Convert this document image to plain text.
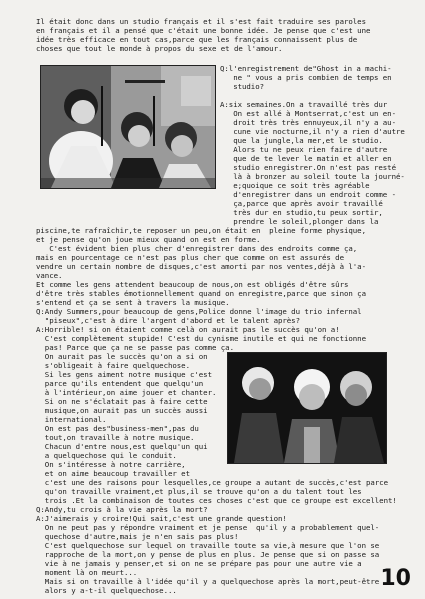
Il était donc dans un studio français et il s'est fait traduire ses paroles
en français et il a pensé que c'était une bonne idée. Je pense que c'est une
idée très efficace en tout cas,parce que les français connaissent plus de
choses que tout le monde à propos du sexe et de l'amour.
Q:l'enregistrement de"Ghost in a machi-
ne " vous a pris combien de temps en
studio?
A:six semaines.On a travaillé très dur
On est allé à Montserrat,c'est un en-
droit très très ennuyeux,il n'y a au-
cune vie nocturne,il n'y a rien d'autre
que la jungle,la mer,et le studio.
Alors tu ne peux rien faire d'autre
que de te lever le matin et aller en
studio enregistrer.On n'est pas resté
là à bronzer au soleil toute la journé-
e;quoique ce soit très agréable
d'enregistrer dans un endroit comme -
ça,parce que après avoir travaillé
très dur en studio,tu peux sortir,
prendre le soleil,plonger dans la
piscine,te rafraîchir,te reposer un peu,on était en  pleine forme physique,
et je pense qu'on joue mieux quand on est en forme.
C'est évident bien plus cher d'enregistrer dans des endroits comme ça,
mais en pourcentage ce n'est pas plus cher que comme on est assurés de
vendre un certain nombre de disques,c'est amorti par nos ventes,déjà à l'a-
vance.
Et comme les gens attendent beaucoup de nous,on est obligés d'être sûrs
d'être très stables émotionnellement quand on enregistre,parce que sinon ça
s'entend et ça se sent à travers la musique.
Q:Andy Summers,pour beaucoup de gens,Police donne l'image du trio infernal
"piseux",c'est à dire l'argent d'abord et le talent après?
A:Horrible! si on étaient comme celà on aurait pas le succès qu'on a!
C'est complètement stupide! C'est du cynisme inutile et qui ne fonctionne
pas! Parce que ça ne se passe pas comme ça.
On aurait pas le succès qu'on a si on
s'obligeait à faire quelquechose.
Si les gens aiment notre musique c'est
parce qu'ils entendent que quelqu'un
à l'intérieur,on aime jouer et chanter.
Si on ne s'éclatait pas à faire cette
musique,on aurait pas un succès aussi
international.
On est pas des"business-men",pas du
tout,on travaille à notre musique.
Chacun d'entre nous,est quelqu'un qui
a quelquechose qui le conduit.
On s'intéresse à notre carrière,
et on aime beaucoup travailler et
c'est une des raisons pour lesquelles,ce groupe a autant de succès,c'est parce
qu'on travaille vraiment,et plus,il se trouve qu'on a du talent tout les
trois .Et la combinaison de toutes ces choses c'est que ce groupe est excellent!
Q:Andy,tu crois à la vie après la mort?
A:J'aimerais y croire!Qui sait,c'est une grande question!
On ne peut pas y répondre vraiment et je pense  qu'il y a probablement quel-
quechose d'autre,mais je n'en sais pas plus!
C'est quelquechose sur lequel on travaille toute sa vie,à mesure que l'on se
rapproche de la mort,on y pense de plus en plus. Je pense que si on passe sa
vie à ne jamais y penser,et si on ne se prépare pas pour une autre vie a
moment là on meurt...
Mais si on travaille à l'idée qu'il y a quelquechose après la mort,peut-être
alors y a-t-il quelquechose...	10
